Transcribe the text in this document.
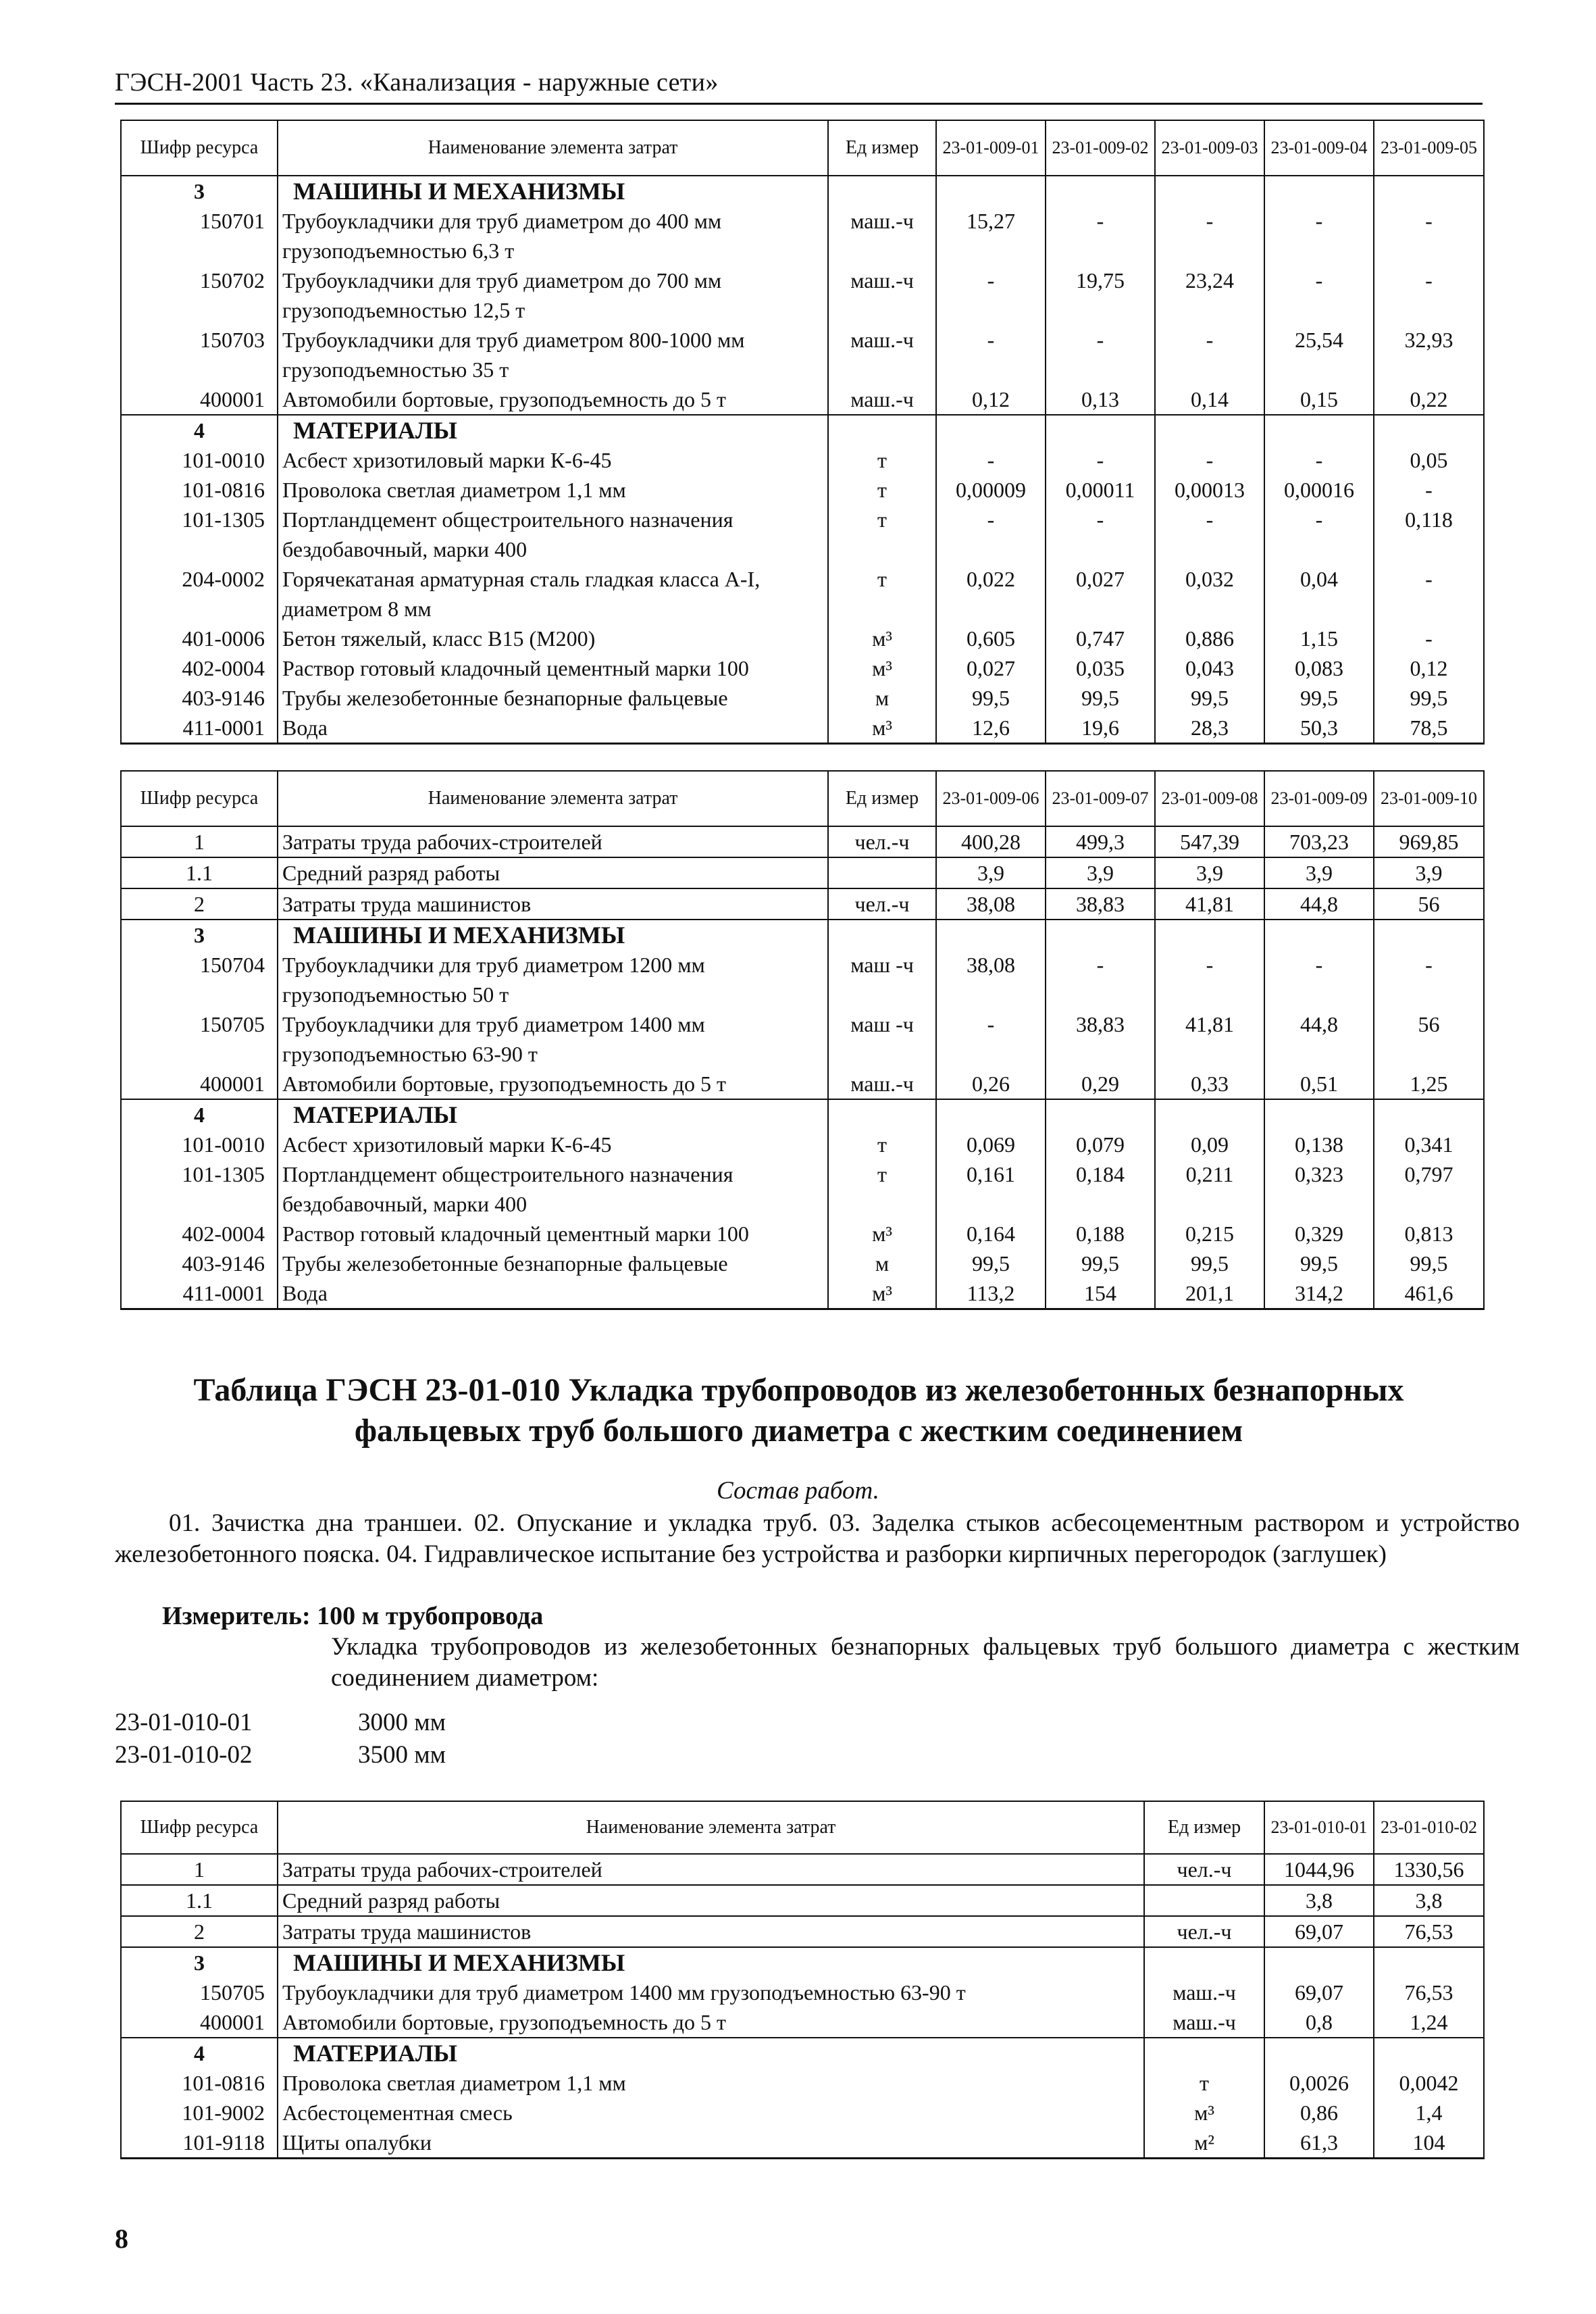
ГЭСН-2001 Часть 23. «Канализация - наружные сети»
Шифр ресурса	Наименование элемента затрат	Ед измер	23-01-009-01	23-01-009-02	23-01-009-03	23-01-009-04	23-01-009-05
3	МАШИНЫ И МЕХАНИЗМЫ						
150701	Трубоукладчики для труб диаметром до 400 мм грузоподъемностью 6,3 т	маш.-ч	15,27	-	-	-	-
150702	Трубоукладчики для труб диаметром до 700 мм грузоподъемностью 12,5 т	маш.-ч	-	19,75	23,24	-	-
150703	Трубоукладчики для труб диаметром 800-1000 мм грузоподъемностью 35 т	маш.-ч	-	-	-	25,54	32,93
400001	Автомобили бортовые, грузоподъемность до 5 т	маш.-ч	0,12	0,13	0,14	0,15	0,22
4	МАТЕРИАЛЫ						
101-0010	Асбест хризотиловый марки К-6-45	т	-	-	-	-	0,05
101-0816	Проволока светлая диаметром 1,1 мм	т	0,00009	0,00011	0,00013	0,00016	-
101-1305	Портландцемент общестроительного назначения бездобавочный, марки 400	т	-	-	-	-	0,118
204-0002	Горячекатаная арматурная сталь гладкая класса А-I, диаметром 8 мм	т	0,022	0,027	0,032	0,04	-
401-0006	Бетон тяжелый, класс В15 (М200)	м³	0,605	0,747	0,886	1,15	-
402-0004	Раствор готовый кладочный цементный марки 100	м³	0,027	0,035	0,043	0,083	0,12
403-9146	Трубы железобетонные безнапорные фальцевые	м	99,5	99,5	99,5	99,5	99,5
411-0001	Вода	м³	12,6	19,6	28,3	50,3	78,5
Шифр ресурса	Наименование элемента затрат	Ед измер	23-01-009-06	23-01-009-07	23-01-009-08	23-01-009-09	23-01-009-10
1	Затраты труда рабочих-строителей	чел.-ч	400,28	499,3	547,39	703,23	969,85
1.1	Средний разряд работы		3,9	3,9	3,9	3,9	3,9
2	Затраты труда машинистов	чел.-ч	38,08	38,83	41,81	44,8	56
3	МАШИНЫ И МЕХАНИЗМЫ						
150704	Трубоукладчики для труб диаметром 1200 мм грузоподъемностью 50 т	маш -ч	38,08	-	-	-	-
150705	Трубоукладчики для труб диаметром 1400 мм грузоподъемностью 63-90 т	маш -ч	-	38,83	41,81	44,8	56
400001	Автомобили бортовые, грузоподъемность до 5 т	маш.-ч	0,26	0,29	0,33	0,51	1,25
4	МАТЕРИАЛЫ						
101-0010	Асбест хризотиловый марки К-6-45	т	0,069	0,079	0,09	0,138	0,341
101-1305	Портландцемент общестроительного назначения бездобавочный, марки 400	т	0,161	0,184	0,211	0,323	0,797
402-0004	Раствор готовый кладочный цементный марки 100	м³	0,164	0,188	0,215	0,329	0,813
403-9146	Трубы железобетонные безнапорные фальцевые	м	99,5	99,5	99,5	99,5	99,5
411-0001	Вода	м³	113,2	154	201,1	314,2	461,6
Таблица ГЭСН 23-01-010 Укладка трубопроводов из железобетонных безнапорных фальцевых труб большого диаметра с жестким соединением
Состав работ.
01. Зачистка дна траншеи. 02. Опускание и укладка труб. 03. Заделка стыков асбесоцементным раствором и устройство железобетонного пояска. 04. Гидравлическое испытание без устройства и разборки кирпичных перегородок (заглушек)
Измеритель: 100 м трубопровода
Укладка трубопроводов из железобетонных безнапорных фальцевых труб большого диаметра с жестким соединением диаметром:
23-01-010-01	3000 мм
23-01-010-02	3500 мм
Шифр ресурса	Наименование элемента затрат	Ед измер	23-01-010-01	23-01-010-02
1	Затраты труда рабочих-строителей	чел.-ч	1044,96	1330,56
1.1	Средний разряд работы		3,8	3,8
2	Затраты труда машинистов	чел.-ч	69,07	76,53
3	МАШИНЫ И МЕХАНИЗМЫ			
150705	Трубоукладчики для труб диаметром 1400 мм грузоподъемностью 63-90 т	маш.-ч	69,07	76,53
400001	Автомобили бортовые, грузоподъемность до 5 т	маш.-ч	0,8	1,24
4	МАТЕРИАЛЫ			
101-0816	Проволока светлая диаметром 1,1 мм	т	0,0026	0,0042
101-9002	Асбестоцементная смесь	м³	0,86	1,4
101-9118	Щиты опалубки	м²	61,3	104
8
